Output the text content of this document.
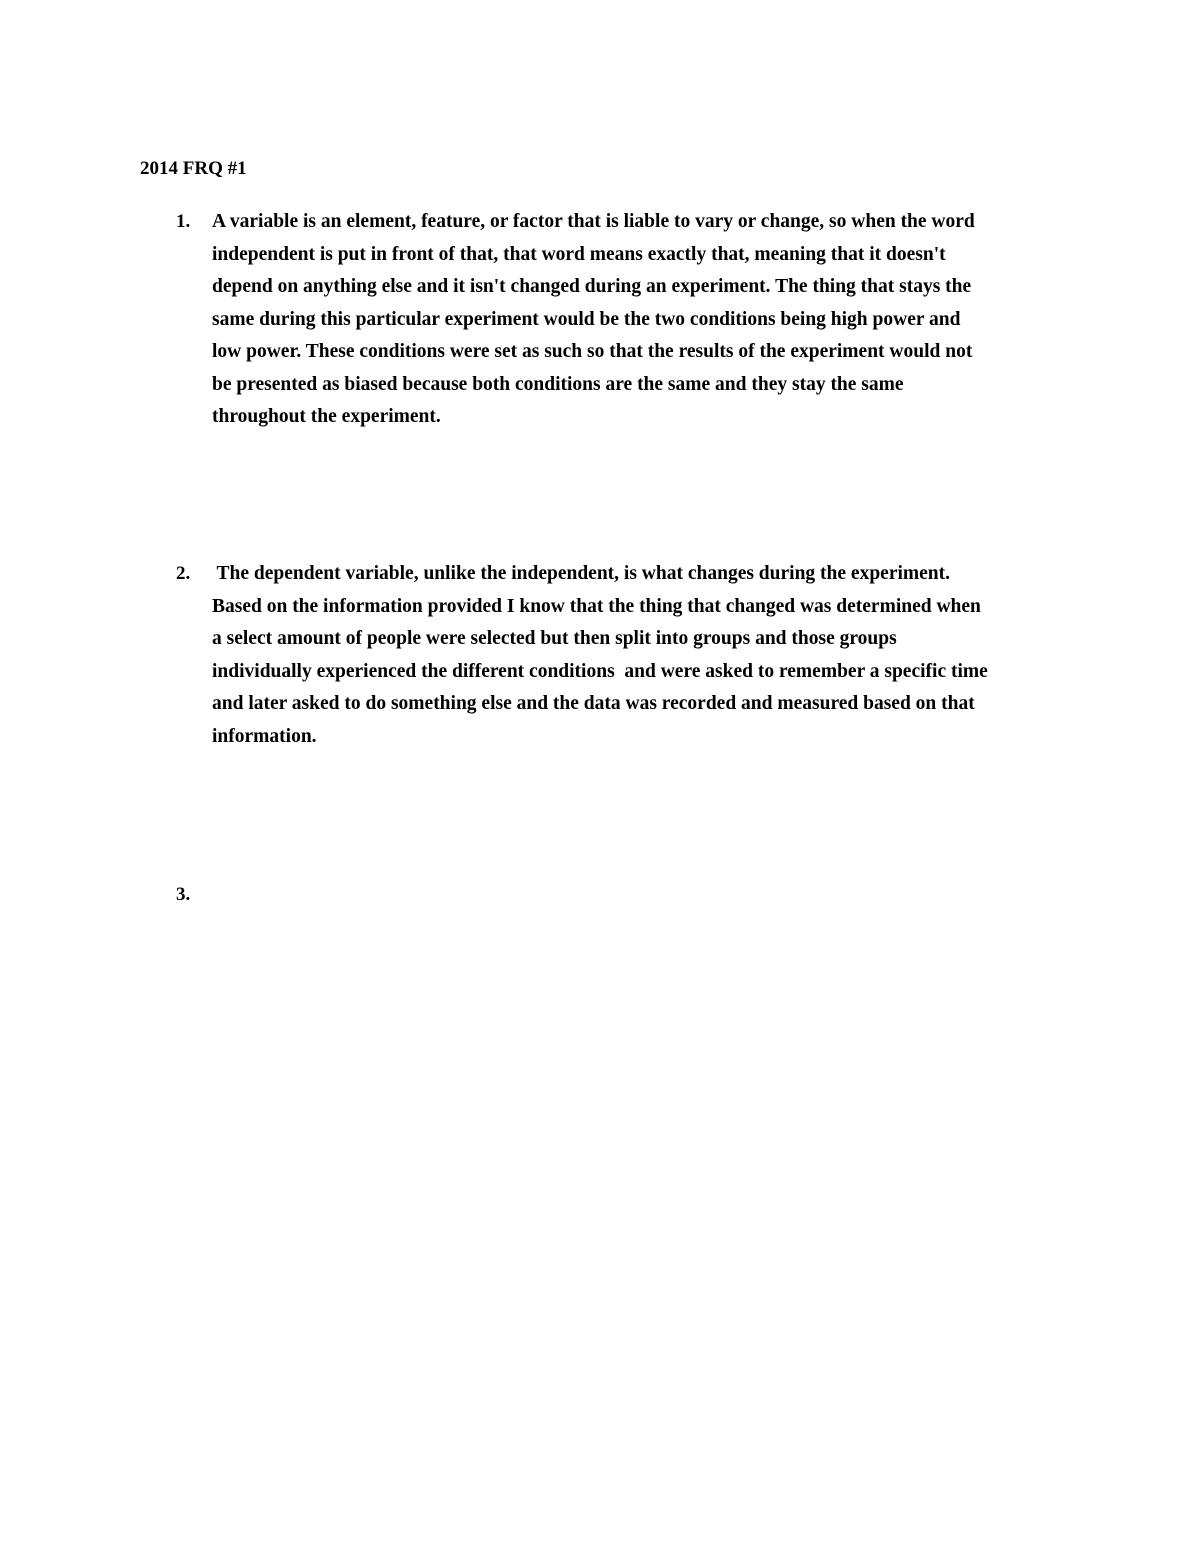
2014 FRQ #1
1. A variable is an element, feature, or factor that is liable to vary or change, so when the word
independent is put in front of that, that word means exactly that, meaning that it doesn't
depend on anything else and it isn't changed during an experiment. The thing that stays the
same during this particular experiment would be the two conditions being high power and
low power. These conditions were set as such so that the results of the experiment would not
be presented as biased because both conditions are the same and they stay the same
throughout the experiment.
2. The dependent variable, unlike the independent, is what changes during the experiment.
Based on the information provided I know that the thing that changed was determined when
a select amount of people were selected but then split into groups and those groups
individually experienced the different conditions  and were asked to remember a specific time
and later asked to do something else and the data was recorded and measured based on that
information.
3.
